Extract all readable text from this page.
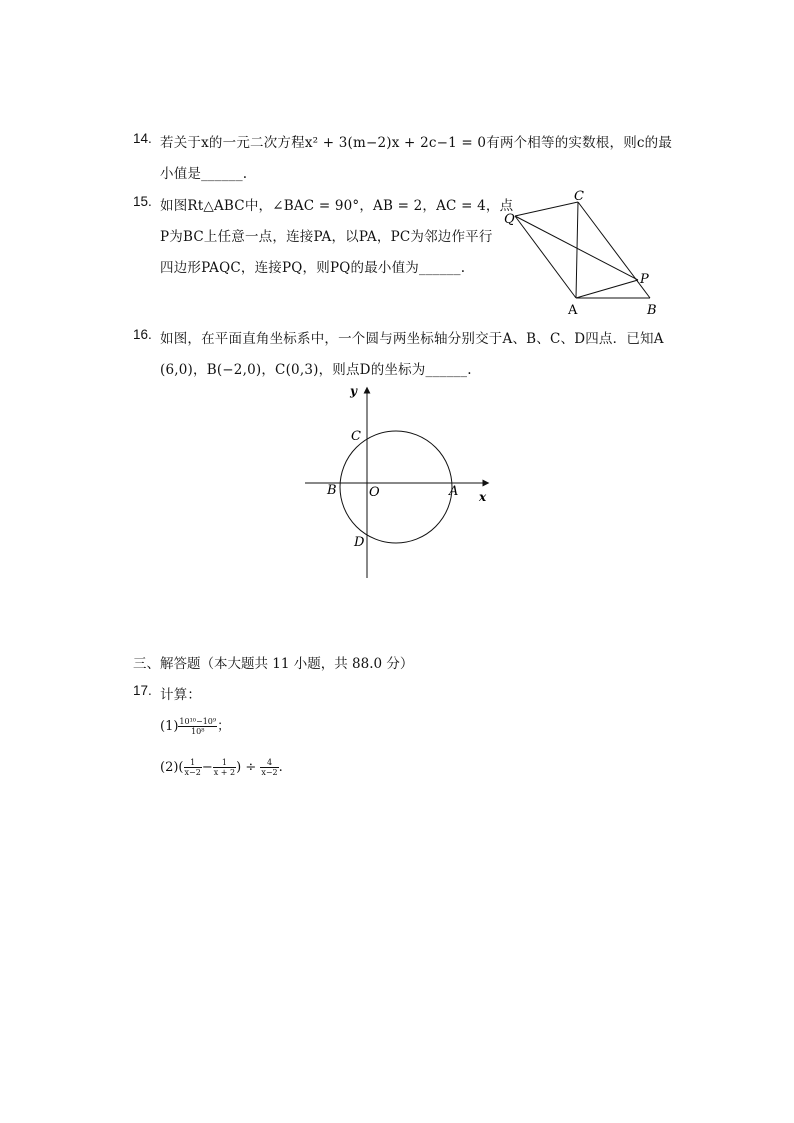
14. 若关于x的一元二次方程x² + 3(m−2)x + 2c−1 = 0有两个相等的实数根，则c的最
小值是______.
15. 如图Rt△ABC中，∠BAC = 90°，AB = 2，AC = 4，点
P为BC上任意一点，连接PA，以PA，PC为邻边作平行
四边形PAQC，连接PQ，则PQ的最小值为______.
C
Q
P
A	B
16. 如图，在平面直角坐标系中，一个圆与两坐标轴分别交于A、B、C、D四点．已知A
(6,0)，B(−2,0)，C(0,3)，则点D的坐标为______.
y
x
C
B O	A
D
三、解答题（本大题共 11 小题，共 88.0 分）
17. 计算：
$(1) \frac{\text{10¹⁰−10⁹}}{\text{10⁸}}$ ；
$(2)( \frac{1}{x-2} - \frac{1}{x + 2}$ ) ÷ $\frac{4}{x-2}$ .
